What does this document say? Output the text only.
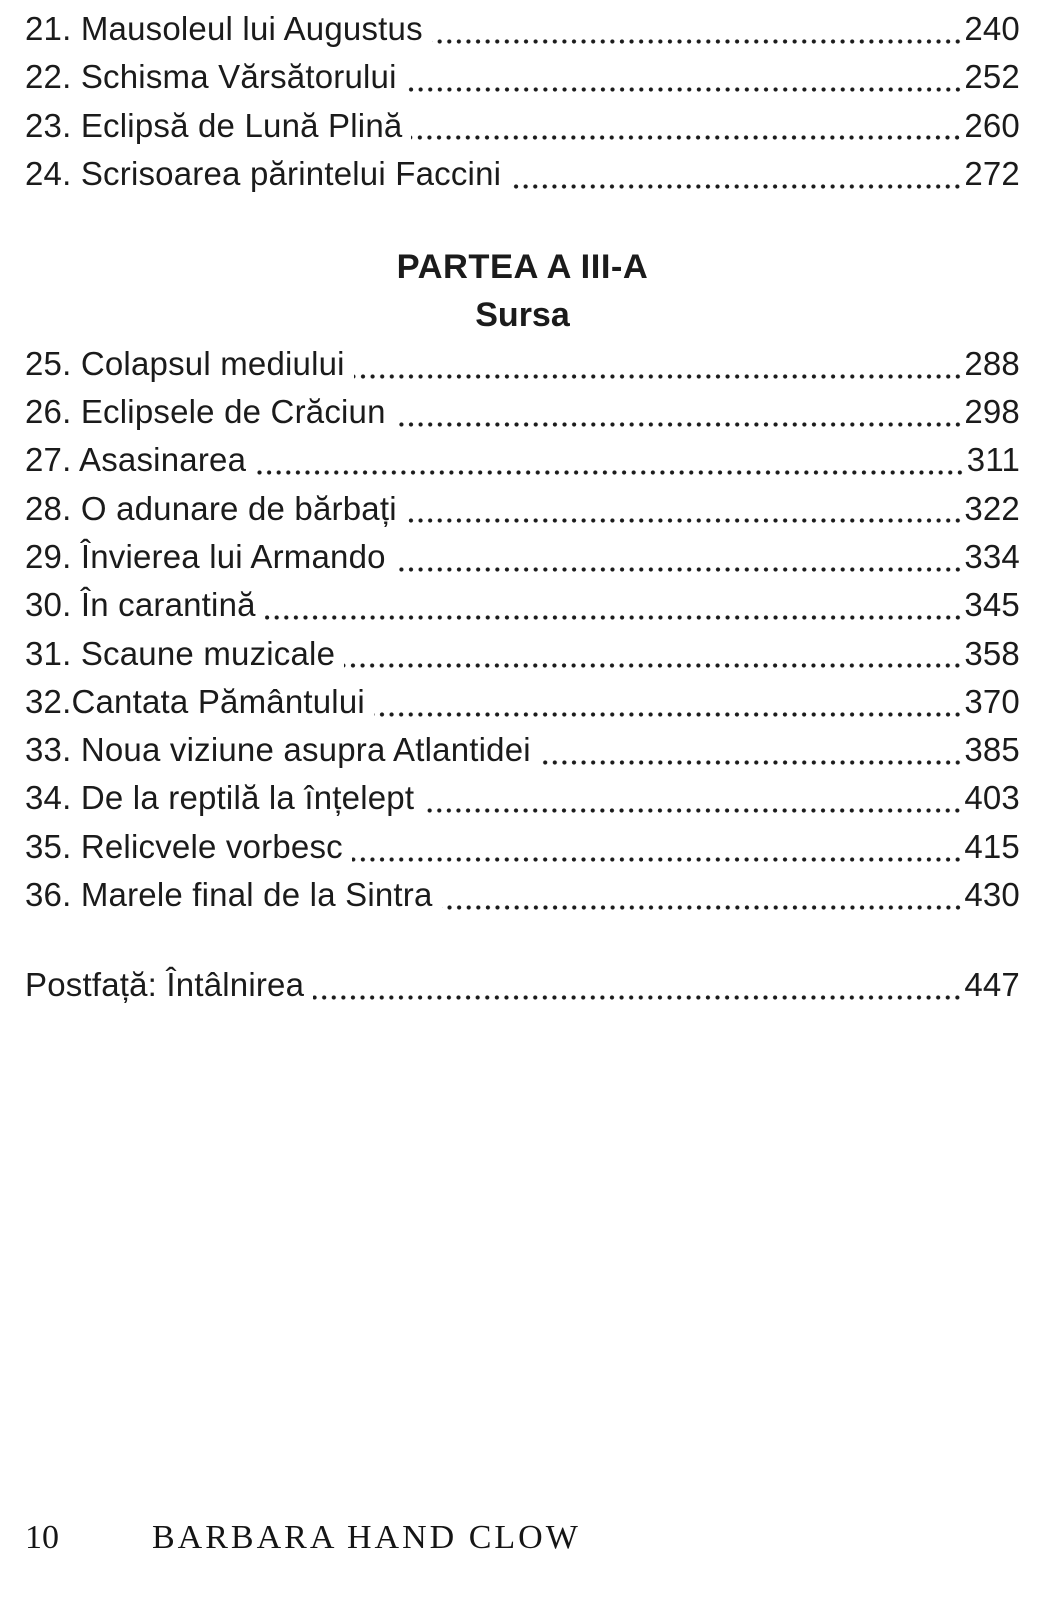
21. Mausoleul lui Augustus	240
22. Schisma Vărsătorului	252
23. Eclipsă de Lună Plină	260
24. Scrisoarea părintelui Faccini	272
PARTEA A III-A
Sursa
25. Colapsul mediului	288
26. Eclipsele de Crăciun	298
27. Asasinarea	311
28. O adunare de bărbați	322
29. Învierea lui Armando	334
30. În carantină	345
31. Scaune muzicale	358
32.Cantata Pământului	370
33. Noua viziune asupra Atlantidei	385
34. De la reptilă la înțelept	403
35. Relicvele vorbesc	415
36. Marele final de la Sintra	430
Postfață: Întâlnirea	447
10	BARBARA HAND CLOW
